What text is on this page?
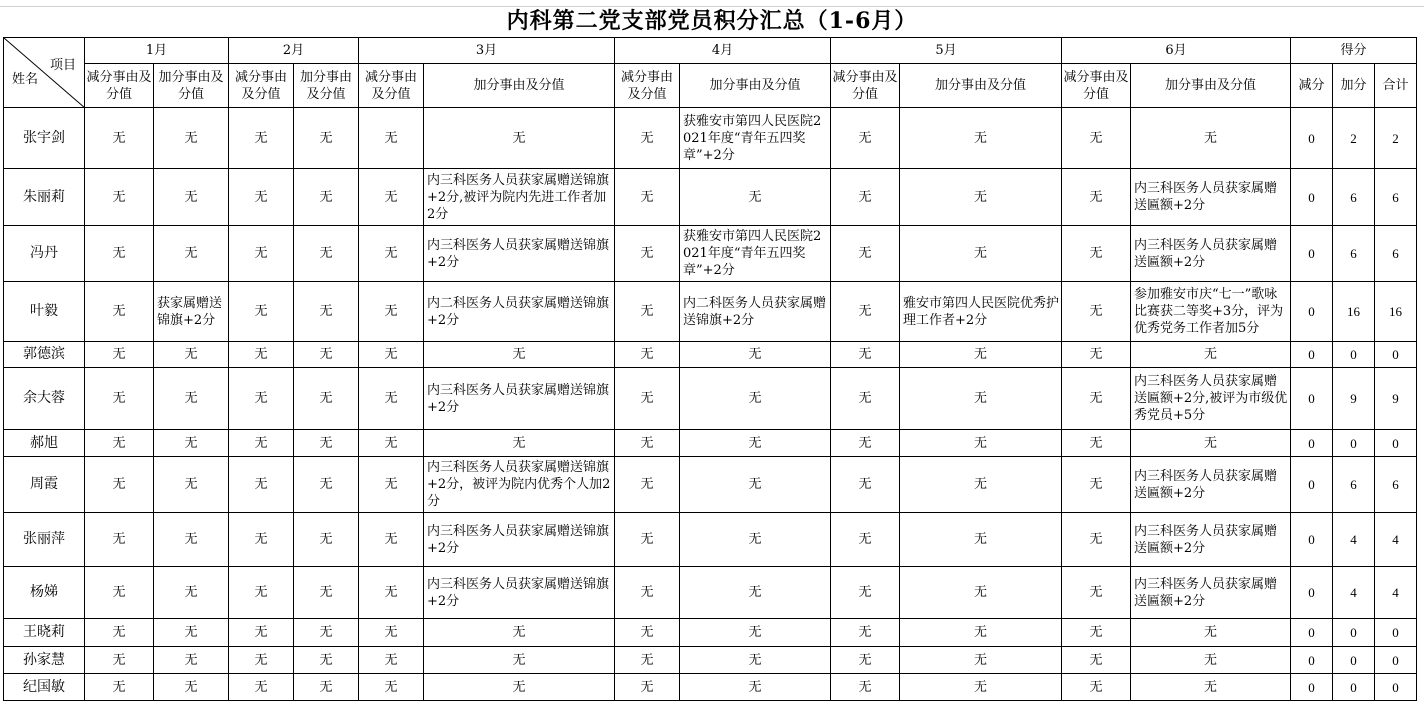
内科第二党支部党员积分汇总（1-6月）
项目
姓名	1月		2月		3月		4月		5月		6月		得分		
	减分事由及分值	加分事由及分值	减分事由及分值	加分事由及分值	减分事由及分值	加分事由及分值	减分事由及分值	加分事由及分值	减分事由及分值	加分事由及分值	减分事由及分值	加分事由及分值	减分	加分	合计
张宇剑	无	无	无	无	无	无	无	获雅安市第四人民医院2021年度“青年五四奖章”+2分	无	无	无	无	0	2	2
朱丽莉	无	无	无	无	无	内三科医务人员获家属赠送锦旗+2分,被评为院内先进工作者加2分	无	无	无	无	无	内三科医务人员获家属赠送匾额+2分	0	6	6
冯丹	无	无	无	无	无	内三科医务人员获家属赠送锦旗+2分	无	获雅安市第四人民医院2021年度“青年五四奖章”+2分	无	无	无	内三科医务人员获家属赠送匾额+2分	0	6	6
叶毅	无	获家属赠送锦旗+2分	无	无	无	内二科医务人员获家属赠送锦旗+2分	无	内二科医务人员获家属赠送锦旗+2分	无	雅安市第四人民医院优秀护理工作者+2分	无	参加雅安市庆“七一”歌咏比赛获二等奖+3分，评为优秀党务工作者加5分	0	16	16
郭德滨	无	无	无	无	无	无	无	无	无	无	无	无	0	0	0
余大蓉	无	无	无	无	无	内三科医务人员获家属赠送锦旗+2分	无	无	无	无	无	内三科医务人员获家属赠送匾额+2分,被评为市级优秀党员+5分	0	9	9
郝旭	无	无	无	无	无	无	无	无	无	无	无	无	0	0	0
周霞	无	无	无	无	无	内三科医务人员获家属赠送锦旗+2分，被评为院内优秀个人加2分	无	无	无	无	无	内三科医务人员获家属赠送匾额+2分	0	6	6
张丽萍	无	无	无	无	无	内三科医务人员获家属赠送锦旗+2分	无	无	无	无	无	内三科医务人员获家属赠送匾额+2分	0	4	4
杨娣	无	无	无	无	无	内三科医务人员获家属赠送锦旗+2分	无	无	无	无	无	内三科医务人员获家属赠送匾额+2分	0	4	4
王晓莉	无	无	无	无	无	无	无	无	无	无	无	无	0	0	0
孙家慧	无	无	无	无	无	无	无	无	无	无	无	无	0	0	0
纪国敏	无	无	无	无	无	无	无	无	无	无	无	无	0	0	0
